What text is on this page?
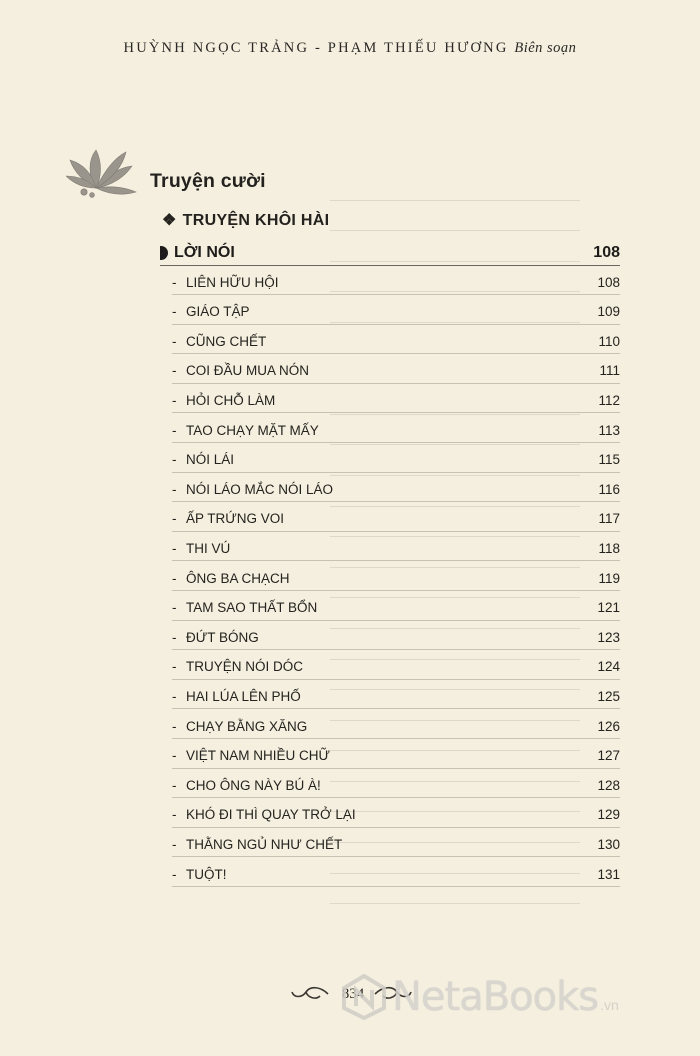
HUỲNH NGỌC TRẢNG - PHẠM THIẾU HƯƠNG Biên soạn
Truyện cười
❖ TRUYỆN KHÔI HÀI
LỜI NÓI	108
- LIÊN HỮU HỘI	108
- GIÁO TẬP	109
- CŨNG CHẾT	110
- COI ĐẦU MUA NÓN	111
- HỎI CHỖ LÀM	112
- TAO CHẠY MẶT MẤY	113
- NÓI LÁI	115
- NÓI LÁO MẮC NÓI LÁO	116
- ẤP TRỨNG VOI	117
- THI VÚ	118
- ÔNG BA CHẠCH	119
- TAM SAO THẤT BỔN	121
- ĐỨT BÓNG	123
- TRUYỆN NÓI DÓC	124
- HAI LÚA LÊN PHỐ	125
- CHẠY BẰNG XĂNG	126
- VIỆT NAM NHIỀU CHỮ	127
- CHO ÔNG NÀY BÚ À!	128
- KHÓ ĐI THÌ QUAY TRỞ LẠI	129
- THẰNG NGỦ NHƯ CHẾT	130
- TUỘT!	131
834 NetaBooks .vn
